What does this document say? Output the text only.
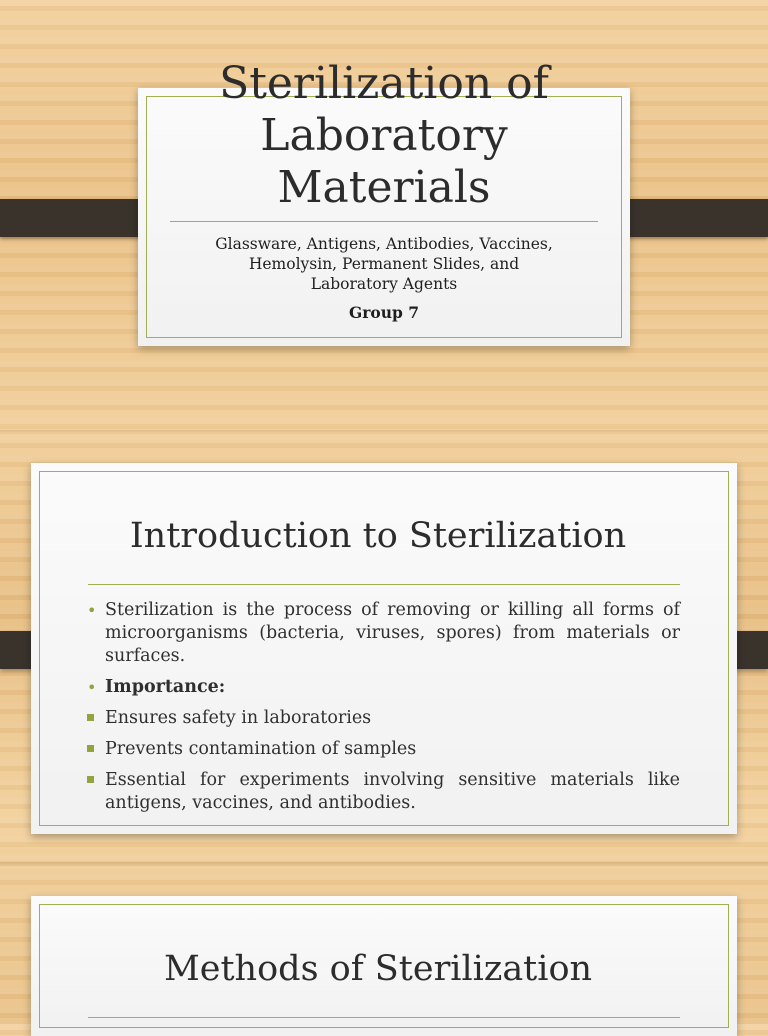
Glassware, Antigens, Antibodies, Vaccines,
Hemolysin, Permanent Slides, and
Laboratory Agents
Group 7
Sterilization of
Laboratory
Materials
Introduction to Sterilization
• Sterilization is the process of removing or killing all forms of microorganisms (bacteria, viruses, spores) from materials or surfaces.
• Importance:
Ensures safety in laboratories
Prevents contamination of samples
Essential for experiments involving sensitive materials like antigens, vaccines, and antibodies.
Methods of Sterilization
